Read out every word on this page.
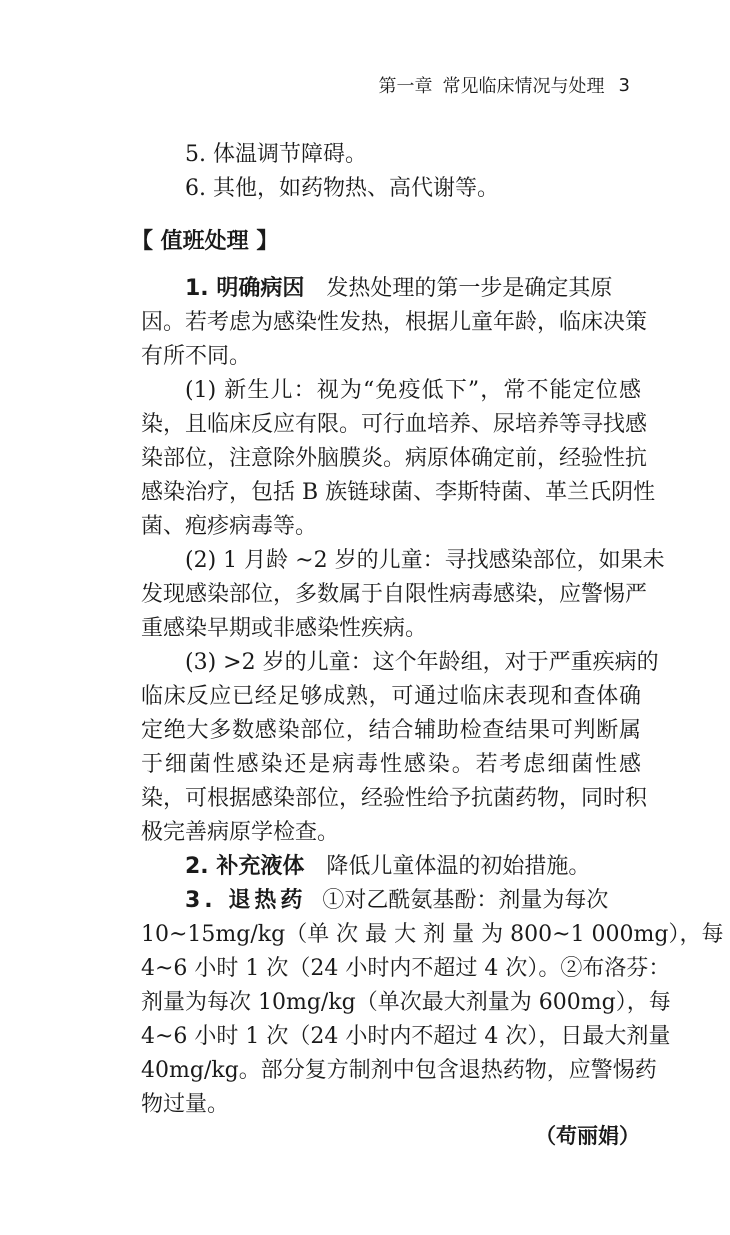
第一章 常见临床情况与处理 3
5. 体温调节障碍。
6. 其他，如药物热、高代谢等。
【 值班处理 】
1. 明确病因 发热处理的第一步是确定其原
因。若考虑为感染性发热，根据儿童年龄，临床决策
有所不同。
(1) 新生儿：视为“免疫低下”，常不能定位感
染，且临床反应有限。可行血培养、尿培养等寻找感
染部位，注意除外脑膜炎。病原体确定前，经验性抗
感染治疗，包括 B 族链球菌、李斯特菌、革兰氏阴性
菌、疱疹病毒等。
(2) 1 月龄 ~2 岁的儿童：寻找感染部位，如果未
发现感染部位，多数属于自限性病毒感染，应警惕严
重感染早期或非感染性疾病。
(3) >2 岁的儿童：这个年龄组，对于严重疾病的
临床反应已经足够成熟，可通过临床表现和查体确
定绝大多数感染部位，结合辅助检查结果可判断属
于细菌性感染还是病毒性感染。若考虑细菌性感
染，可根据感染部位，经验性给予抗菌药物，同时积
极完善病原学检查。
2. 补充液体 降低儿童体温的初始措施。
3. 退热药 ①对乙酰氨基酚：剂量为每次
10~15mg/kg（单 次 最 大 剂 量 为 800~1 000mg），每
4~6 小时 1 次（24 小时内不超过 4 次）。②布洛芬：
剂量为每次 10mg/kg（单次最大剂量为 600mg），每
4~6 小时 1 次（24 小时内不超过 4 次），日最大剂量
40mg/kg。部分复方制剂中包含退热药物，应警惕药
物过量。
（苟丽娟）
